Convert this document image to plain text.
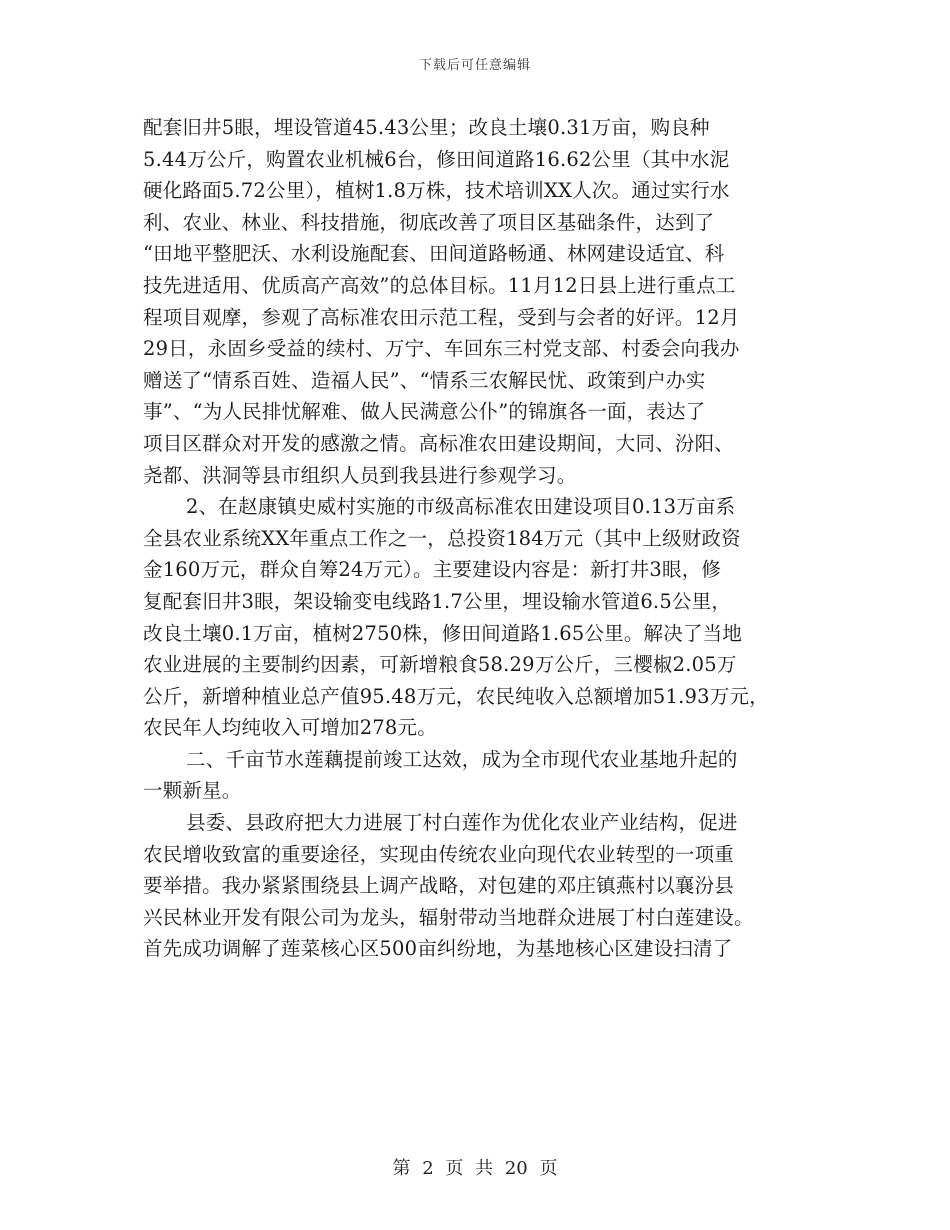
下载后可任意编辑
配套旧井5眼，埋设管道45.43公里；改良土壤0.31万亩，购良种
5.44万公斤，购置农业机械6台，修田间道路16.62公里（其中水泥
硬化路面5.72公里），植树1.8万株，技术培训XX人次。通过实行水
利、农业、林业、科技措施，彻底改善了项目区基础条件，达到了
“田地平整肥沃、水利设施配套、田间道路畅通、林网建设适宜、科
技先进适用、优质高产高效”的总体目标。11月12日县上进行重点工
程项目观摩，参观了高标准农田示范工程，受到与会者的好评。12月
29日，永固乡受益的续村、万宁、车回东三村党支部、村委会向我办
赠送了“情系百姓、造福人民”、“情系三农解民忧、政策到户办实
事”、“为人民排忧解难、做人民满意公仆”的锦旗各一面，表达了
项目区群众对开发的感激之情。高标准农田建设期间，大同、汾阳、
尧都、洪洞等县市组织人员到我县进行参观学习。
2、在赵康镇史威村实施的市级高标准农田建设项目0.13万亩系
全县农业系统XX年重点工作之一，总投资184万元（其中上级财政资
金160万元，群众自筹24万元）。主要建设内容是：新打井3眼，修
复配套旧井3眼，架设输变电线路1.7公里，埋设输水管道6.5公里，
改良土壤0.1万亩，植树2750株，修田间道路1.65公里。解决了当地
农业进展的主要制约因素，可新增粮食58.29万公斤，三樱椒2.05万
公斤，新增种植业总产值95.48万元，农民纯收入总额增加51.93万元，
农民年人均纯收入可增加278元。
二、千亩节水莲藕提前竣工达效，成为全市现代农业基地升起的
一颗新星。
县委、县政府把大力进展丁村白莲作为优化农业产业结构，促进
农民增收致富的重要途径，实现由传统农业向现代农业转型的一项重
要举措。我办紧紧围绕县上调产战略，对包建的邓庄镇燕村以襄汾县
兴民林业开发有限公司为龙头，辐射带动当地群众进展丁村白莲建设。
首先成功调解了莲菜核心区500亩纠纷地，为基地核心区建设扫清了
第 2 页 共 20 页
